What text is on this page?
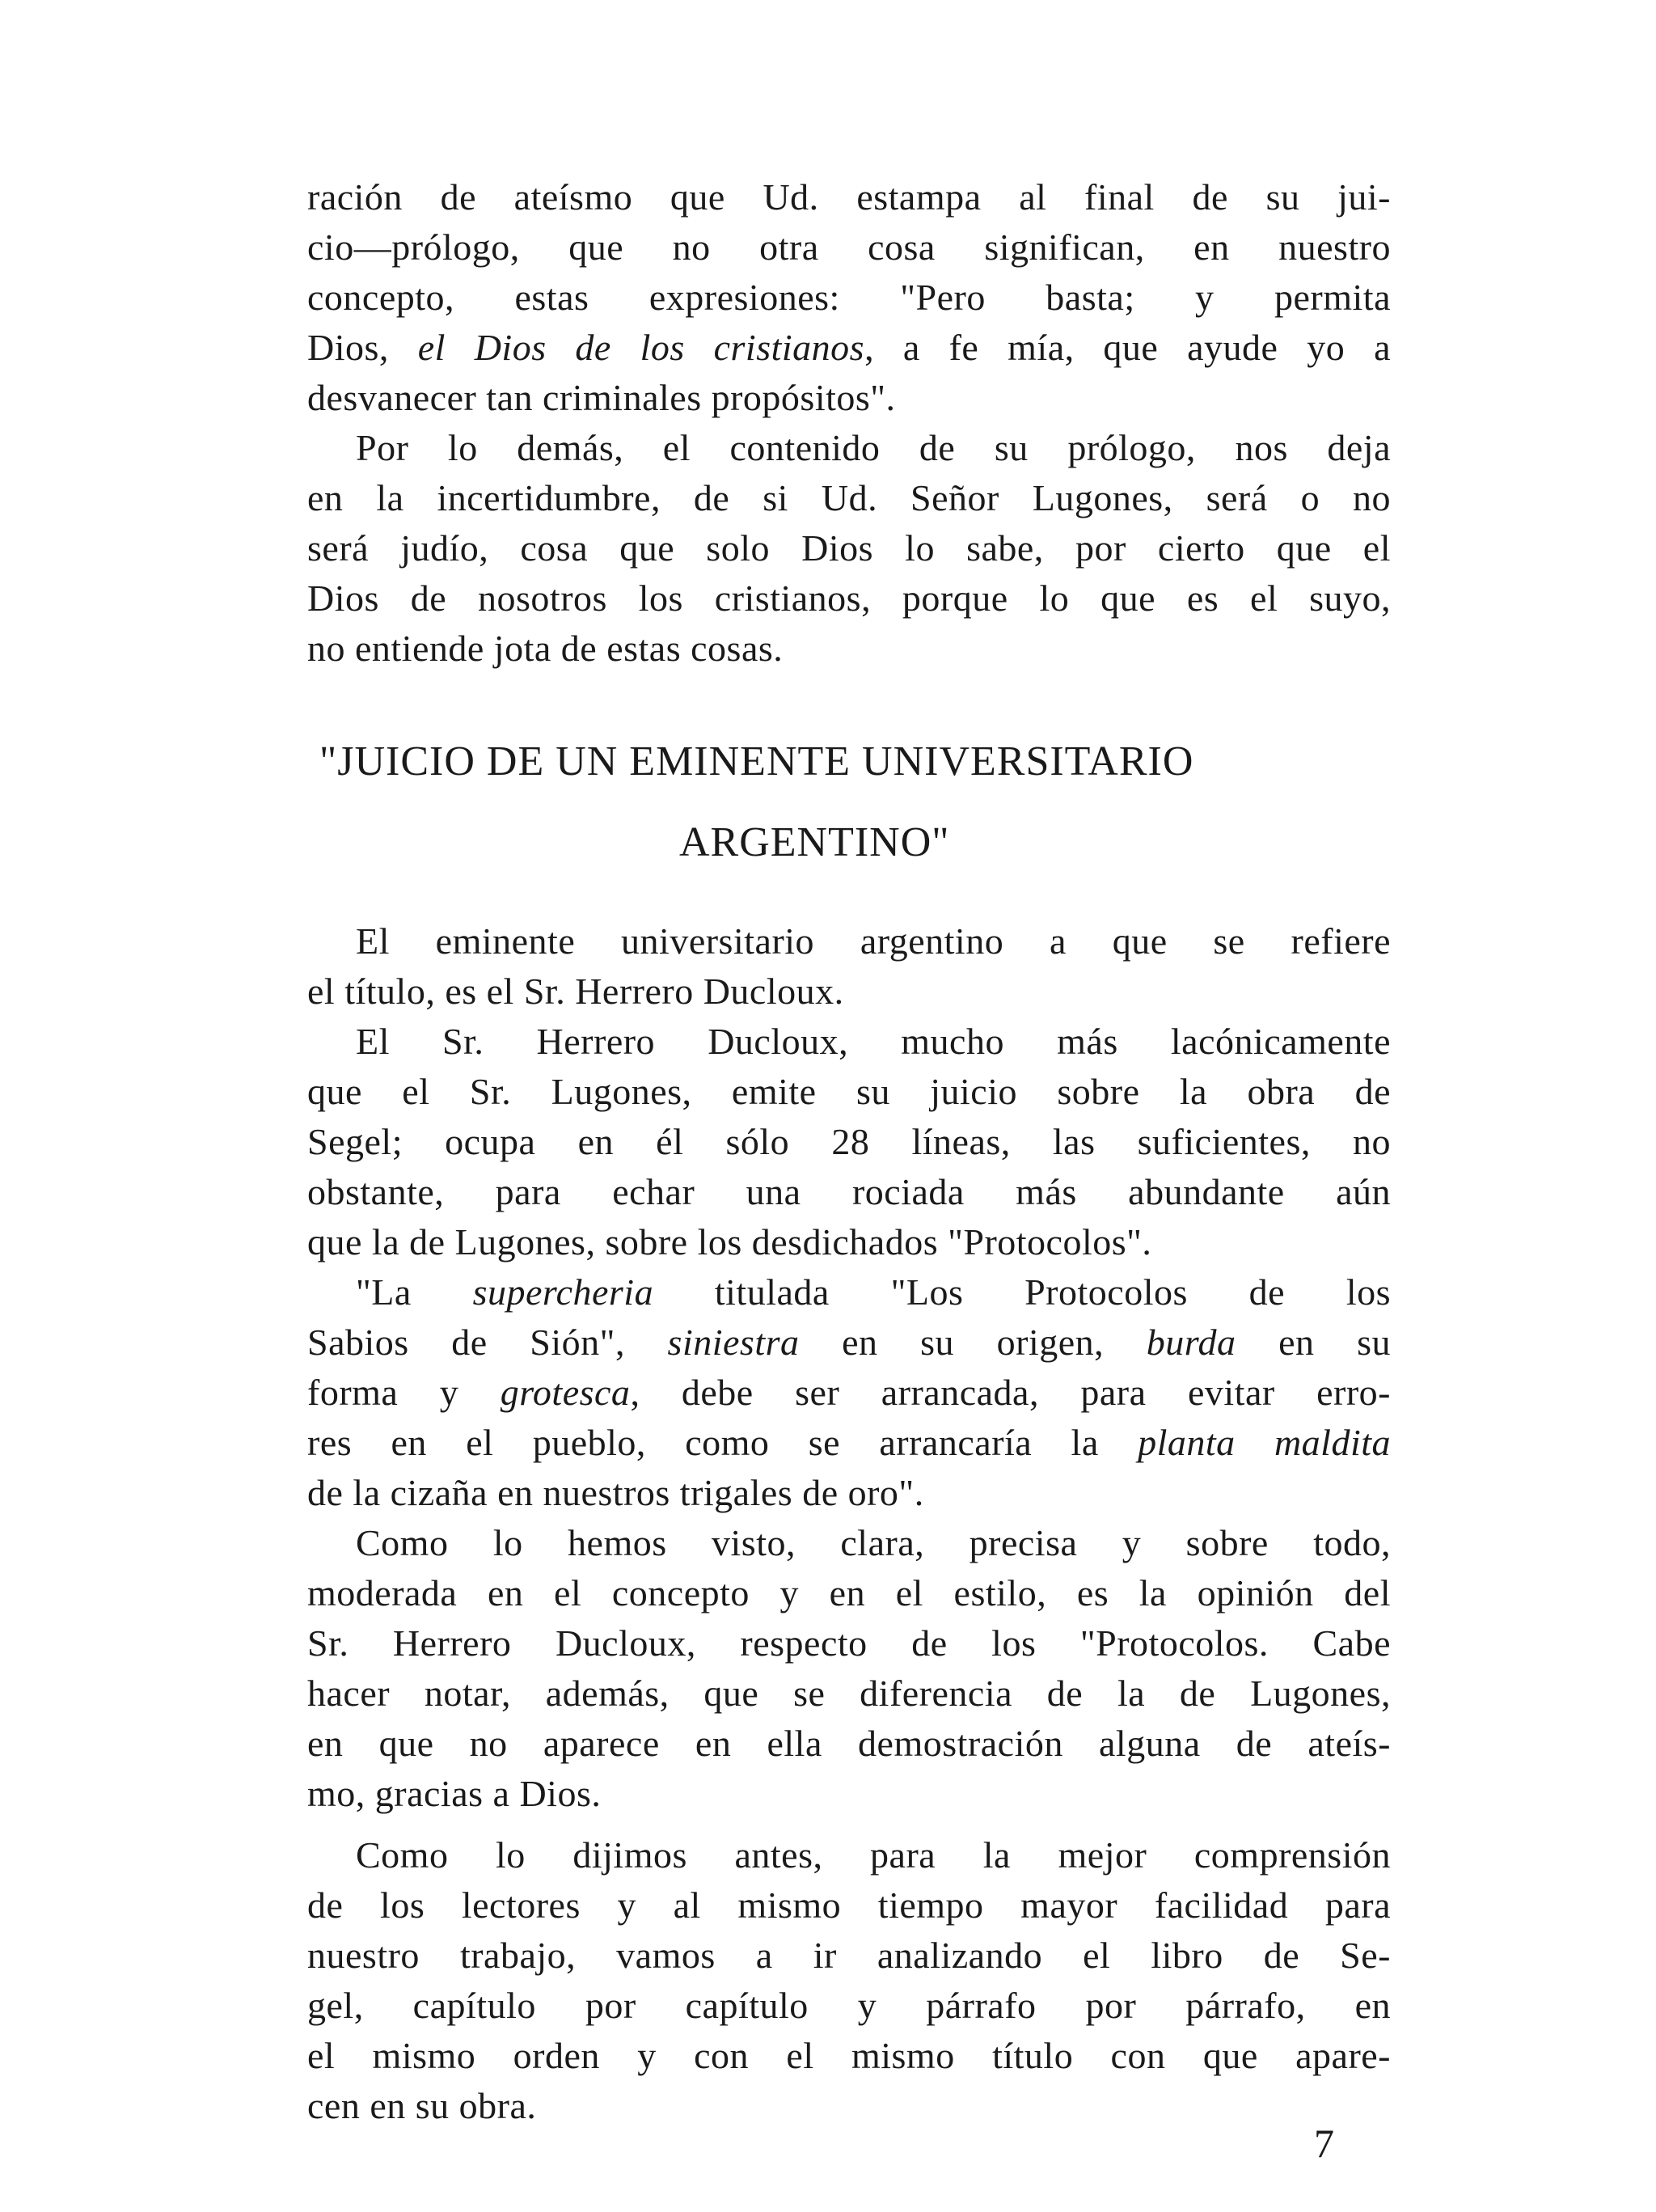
ración de ateísmo que Ud. estampa al final de su jui-
cio—prólogo, que no otra cosa significan, en nuestro
concepto, estas expresiones: "Pero basta; y permita
Dios, el Dios de los cristianos, a fe mía, que ayude yo a
desvanecer tan criminales propósitos".
Por lo demás, el contenido de su prólogo, nos deja
en la incertidumbre, de si Ud. Señor Lugones, será o no
será judío, cosa que solo Dios lo sabe, por cierto que el
Dios de nosotros los cristianos, porque lo que es el suyo,
no entiende jota de estas cosas.
"JUICIO DE UN EMINENTE UNIVERSITARIO
ARGENTINO"
El eminente universitario argentino a que se refiere
el título, es el Sr. Herrero Ducloux.
El Sr. Herrero Ducloux, mucho más lacónicamente
que el Sr. Lugones, emite su juicio sobre la obra de
Segel; ocupa en él sólo 28 líneas, las suficientes, no
obstante, para echar una rociada más abundante aún
que la de Lugones, sobre los desdichados "Protocolos".
"La supercheria titulada "Los Protocolos de los
Sabios de Sión", siniestra en su origen, burda en su
forma y grotesca, debe ser arrancada, para evitar erro-
res en el pueblo, como se arrancaría la planta maldita
de la cizaña en nuestros trigales de oro".
Como lo hemos visto, clara, precisa y sobre todo,
moderada en el concepto y en el estilo, es la opinión del
Sr. Herrero Ducloux, respecto de los "Protocolos. Cabe
hacer notar, además, que se diferencia de la de Lugones,
en que no aparece en ella demostración alguna de ateís-
mo, gracias a Dios.
Como lo dijimos antes, para la mejor comprensión
de los lectores y al mismo tiempo mayor facilidad para
nuestro trabajo, vamos a ir analizando el libro de Se-
gel, capítulo por capítulo y párrafo por párrafo, en
el mismo orden y con el mismo título con que apare-
cen en su obra.
7
